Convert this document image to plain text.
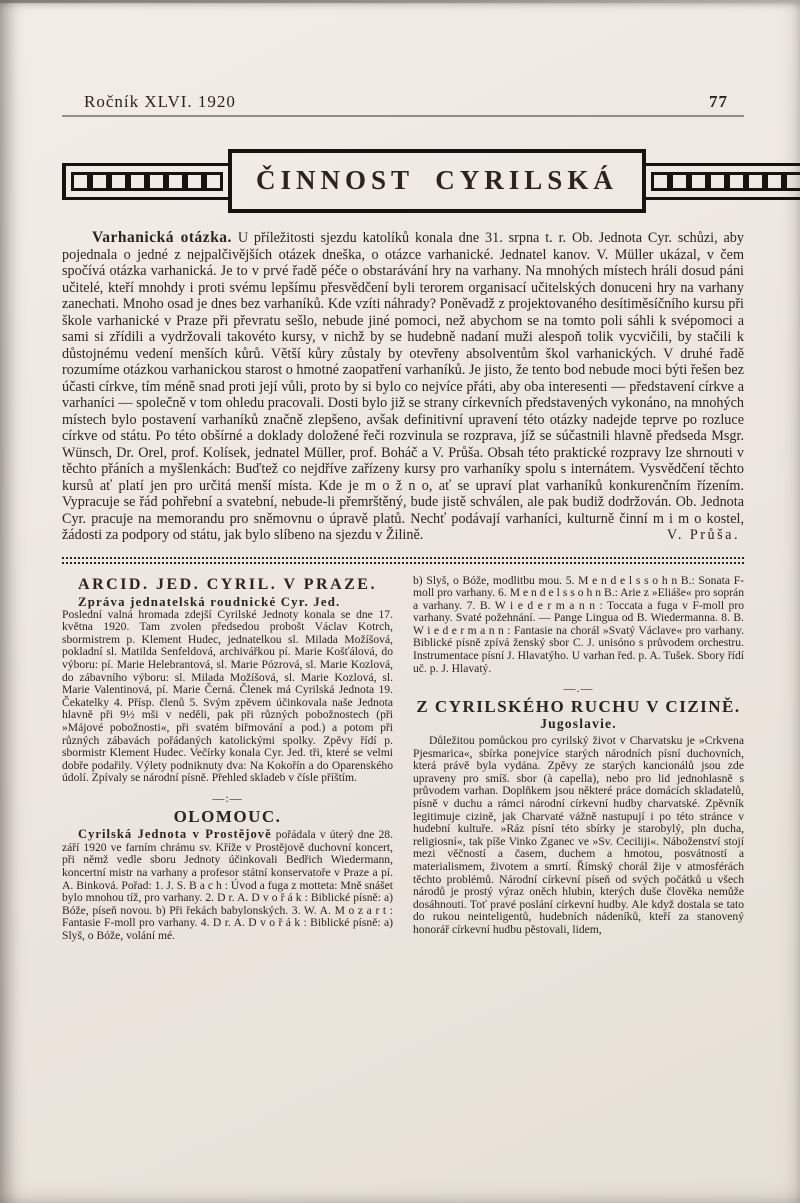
Ročník XLVI. 1920	77
ČINNOST CYRILSKÁ

Varhanická otázka. U příležitosti sjezdu katolíků konala dne 31. srpna t. r. Ob. Jednota Cyr. schůzi, aby pojednala o jedné z nejpalčivějších otázek dneška, o otázce varhanické. Jednatel kanov. V. Müller ukázal, v čem spočívá otázka varhanická. Je to v prvé řadě péče o obstarávání hry na varhany. Na mnohých místech hráli dosud páni učitelé, kteří mnohdy i proti svému lepšímu přesvědčení byli terorem organisací učitelských donuceni hry na varhany zanechati. Mnoho osad je dnes bez varhaníků. Kde vzíti náhrady? Poněvadž z projektovaného desítiměsíčního kursu při škole varhanické v Praze při převratu sešlo, nebude jiné pomoci, než abychom se na tomto poli sáhli k svépomoci a sami si zřídili a vydržovali takovéto kursy, v nichž by se hudebně nadaní muži alespoň tolik vycvičili, by stačili k důstojnému vedení menších kůrů. Větší kůry zůstaly by otevřeny absolventům škol varhanických. V druhé řadě rozumíme otázkou varhanickou starost o hmotné zaopatření varhaníků. Je jisto, že tento bod nebude moci býti řešen bez účasti církve, tím méně snad proti její vůli, proto by si bylo co nejvíce přáti, aby oba interesenti — představení církve a varhaníci — společně v tom ohledu pracovali. Dosti bylo již se strany církevních představených vykonáno, na mnohých místech bylo postavení varhaníků značně zlepšeno, avšak definitivní upravení této otázky nadejde teprve po rozluce církve od státu. Po této obšírné a doklady doložené řeči rozvinula se rozprava, jíž se súčastnili hlavně předseda Msgr. Wünsch, Dr. Orel, prof. Kolísek, jednatel Müller, prof. Boháč a V. Průša. Obsah této praktické rozpravy lze shrnouti v těchto přáních a myšlenkách: Buďtež co nejdříve zařízeny kursy pro varhaníky spolu s internátem. Vysvědčení těchto kursů ať platí jen pro určitá menší místa. Kde je m o ž n o, ať se upraví plat varhaníků konkurenčním řízením. Vypracuje se řád pohřební a svatební, nebude-li přemrštěný, bude jistě schválen, ale pak budiž dodržován. Ob. Jednota Cyr. pracuje na memorandu pro sněmovnu o úpravě platů. Nechť podávají varhaníci, kulturně činní m i m o kostel, žádosti za podpory od státu, jak bylo slíbeno na sjezdu v Žilině.	V. Průša.

ARCID. JED. CYRIL. V PRAZE.

Zpráva jednatelská roudnické Cyr. Jed.

Poslední valná hromada zdejší Cyrilské Jednoty konala se dne 17. května 1920. Tam zvolen předsedou probošt Václav Kotrch, sbormistrem p. Klement Hudec, jednatelkou sl. Milada Možíšová, pokladní sl. Matilda Senfeldová, archivářkou pí. Marie Košťálová, do výboru: pí. Marie Helebrantová, sl. Marie Pózrová, sl. Marie Kozlová, do zábavního výboru: sl. Milada Možíšová, sl. Marie Kozlová, sl. Marie Valentinová, pí. Marie Černá. Členek má Cyrilská Jednota 19. Čekatelky 4. Přísp. členů 5. Svým zpěvem účinkovala naše Jednota hlavně při 9½ mši v neděli, pak při různých pobožnostech (při »Májové pobožnosti«, při svatém biřmování a pod.) a potom při různých zábavách pořádaných katolickými spolky. Zpěvy řídí p. sbormistr Klement Hudec. Večírky konala Cyr. Jed. tři, které se velmi dobře podařily. Výlety podniknuty dva: Na Kokořín a do Oparenského údolí. Zpívaly se národní písně. Přehled skladeb v čísle příštím.

—:—
OLOMOUC.

Cyrilská Jednota v Prostějově pořádala v úterý dne 28. září 1920 ve farním chrámu sv. Kříže v Prostějově duchovní koncert, při němž vedle sboru Jednoty účinkovali Bedřich Wiedermann, koncertní mistr na varhany a profesor státní konservatoře v Praze a pí. A. Binková. Pořad: 1. J. S. B a c h : Úvod a fuga z motteta: Mně snášet bylo mnohou tíž, pro varhany. 2. D r. A. D v o ř á k : Biblické písně: a) Bóže, píseň novou. b) Při řekách babylonských. 3. W. A. M o z a r t : Fantasie F-moll pro varhany. 4. D r. A. D v o ř á k : Biblické písně: a) Slyš, o Bóže, volání mé.

b) Slyš, o Bóže, modlitbu mou. 5. M e n d e l s s o h n B.: Sonata F-moll pro varhany. 6. M e n d e l s s o h n B.: Arie z »Eliáše« pro soprán a varhany. 7. B. W i e d e r m a n n : Toccata a fuga v F-moll pro varhany. Svaté požehnání. — Pange Lingua od B. Wiedermanna. 8. B. W i e d e r m a n n : Fantasie na chorál »Svatý Václave« pro varhany. Biblické písně zpívá ženský sbor C. J. unisóno s průvodem orchestru. Instrumentace písní J. Hlavatýho. U varhan řed. p. A. Tušek. Sbory řídí uč. p. J. Hlavatý.

—.—
Z CYRILSKÉHO RUCHU V CIZINĚ.

Jugoslavie.

Důležitou pomůckou pro cyrilský život v Charvatsku je »Crkvena Pjesmarica«, sbírka ponejvíce starých národních písní duchovních, která právě byla vydána. Zpěvy ze starých kancionálů jsou zde upraveny pro smíš. sbor (à capella), nebo pro lid jednohlasně s průvodem varhan. Doplňkem jsou některé práce domácích skladatelů, písně v duchu a rámci národní církevní hudby charvatské. Zpěvník legitimuje cizině, jak Charvaté vážně nastupují i po této stránce v hudební kultuře. »Ráz písní této sbírky je starobylý, pln ducha, religiosní«, tak píše Vinko Zganec ve »Sv. Ceciliji«. Náboženství stojí mezi věčností a časem, duchem a hmotou, posvátností a materialismem, životem a smrtí. Římský chorál žije v atmosférách těchto problémů. Národní církevní píseň od svých počátků u všech národů je prostý výraz oněch hlubin, kterých duše člověka nemůže dosáhnouti. Toť pravé poslání církevní hudby. Ale když dostala se tato do rukou neinteligentů, hudebních nádeníků, kteří za stanovený honorář církevní hudbu pěstovali, lidem,
